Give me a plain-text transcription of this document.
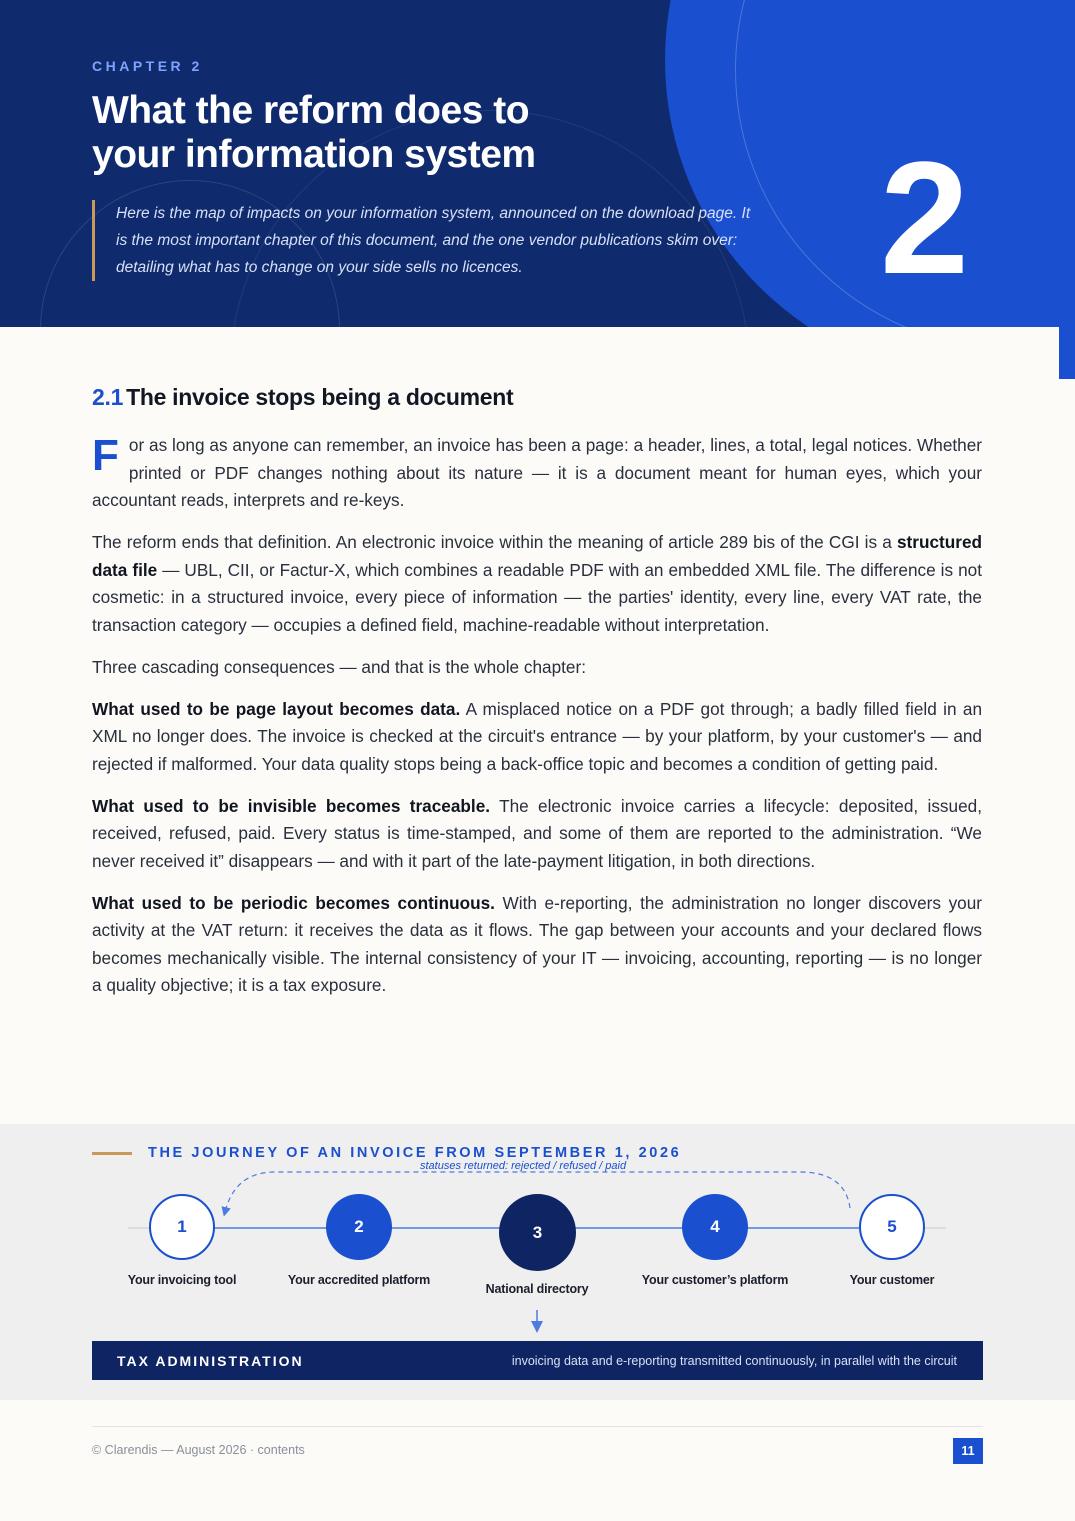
CHAPTER 2
What the reform does to
your information system
Here is the map of impacts on your information system, announced on the download page. It is the most important chapter of this document, and the one vendor publications skim over: detailing what has to change on your side sells no licences.	2
2.1 The invoice stops being a document

For as long as anyone can remember, an invoice has been a page: a header, lines, a total, legal notices. Whether printed or PDF changes nothing about its nature — it is a document meant for human eyes, which your accountant reads, interprets and re-keys.

The reform ends that definition. An electronic invoice within the meaning of article 289 bis of the CGI is a structured data file — UBL, CII, or Factur-X, which combines a readable PDF with an embedded XML file. The difference is not cosmetic: in a structured invoice, every piece of information — the parties' identity, every line, every VAT rate, the transaction category — occupies a defined field, machine-readable without interpretation.

Three cascading consequences — and that is the whole chapter:

What used to be page layout becomes data. A misplaced notice on a PDF got through; a badly filled field in an XML no longer does. The invoice is checked at the circuit's entrance — by your platform, by your customer's — and rejected if malformed. Your data quality stops being a back-office topic and becomes a condition of getting paid.

What used to be invisible becomes traceable. The electronic invoice carries a lifecycle: deposited, issued, received, refused, paid. Every status is time-stamped, and some of them are reported to the administration. “We never received it” disappears — and with it part of the late-payment litigation, in both directions.

What used to be periodic becomes continuous. With e-reporting, the administration no longer discovers your activity at the VAT return: it receives the data as it flows. The gap between your accounts and your declared flows becomes mechanically visible. The internal consistency of your IT — invoicing, accounting, reporting — is no longer a quality objective; it is a tax exposure.

THE JOURNEY OF AN INVOICE FROM SEPTEMBER 1, 2026
statuses returned: rejected / refused / paid
1	2	3	4	5
Your invoicing tool	Your accredited platform
National directory
Your customer’s platform	Your customer
TAX ADMINISTRATION	invoicing data and e-reporting transmitted continuously, in parallel with the circuit
© Clarendis — August 2026 · contents	11
